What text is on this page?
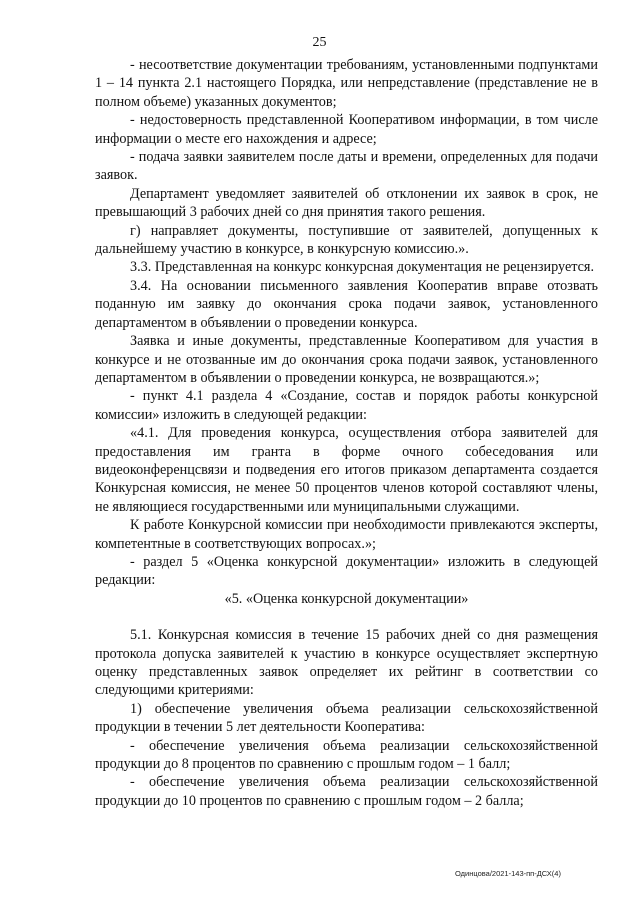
25

- несоответствие документации требованиям, установленными подпунктами 1 – 14 пункта 2.1 настоящего Порядка, или непредставление (представление не в полном объеме) указанных документов;

- недостоверность представленной Кооперативом информации, в том числе информации о месте его нахождения и адресе;

- подача заявки заявителем после даты и времени, определенных для подачи заявок.

Департамент уведомляет заявителей об отклонении их заявок в срок, не превышающий 3 рабочих дней со дня принятия такого решения.

г) направляет документы, поступившие от заявителей, допущенных к дальнейшему участию в конкурсе, в конкурсную комиссию.».

3.3. Представленная на конкурс конкурсная документация не рецензируется.

3.4. На основании письменного заявления Кооператив вправе отозвать поданную им заявку до окончания срока подачи заявок, установленного департаментом в объявлении о проведении конкурса.

Заявка и иные документы, представленные Кооперативом для участия в конкурсе и не отозванные им до окончания срока подачи заявок, установленного департаментом в объявлении о проведении конкурса, не возвращаются.»;

- пункт 4.1 раздела 4 «Создание, состав и порядок работы конкурсной комиссии» изложить в следующей редакции:

«4.1. Для проведения конкурса, осуществления отбора заявителей для предоставления им гранта в форме очного собеседования или видеоконференцсвязи и подведения его итогов приказом департамента создается Конкурсная комиссия, не менее 50 процентов членов которой составляют члены, не являющиеся государственными или муниципальными служащими.

К работе Конкурсной комиссии при необходимости привлекаются эксперты, компетентные в соответствующих вопросах.»;

- раздел 5 «Оценка конкурсной документации» изложить в следующей редакции:

«5. «Оценка конкурсной документации»

5.1. Конкурсная комиссия в течение 15 рабочих дней со дня размещения протокола допуска заявителей к участию в конкурсе осуществляет экспертную оценку представленных заявок определяет их рейтинг в соответствии со следующими критериями:

1) обеспечение увеличения объема реализации сельскохозяйственной продукции в течении 5 лет деятельности Кооператива:

- обеспечение увеличения объема реализации сельскохозяйственной продукции до 8 процентов по сравнению с прошлым годом – 1 балл;

- обеспечение увеличения объема реализации сельскохозяйственной продукции до 10 процентов по сравнению с прошлым годом – 2 балла;

Одинцова/2021-143-пп-ДСХ(4)
